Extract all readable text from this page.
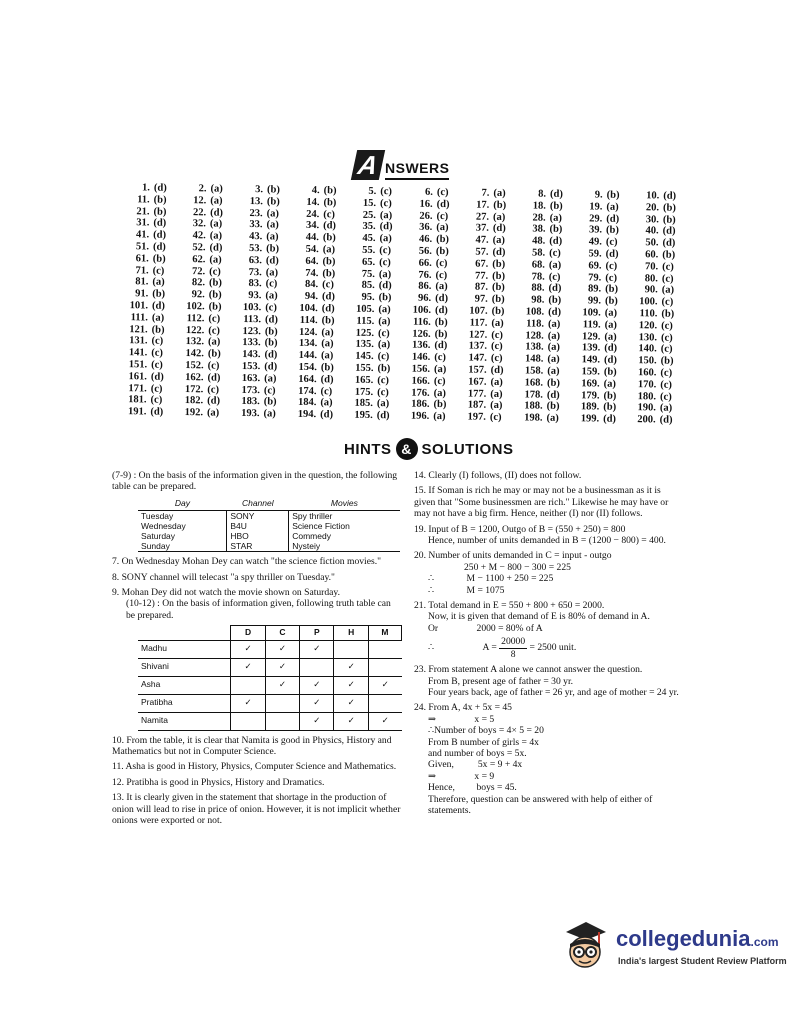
A NSWERS
1. (d)	2. (a)	3. (b)	4. (b)	5. (c)	6. (c)	7. (a)	8. (d)	9. (b)	10. (d)
11. (b)	12. (a)	13. (b)	14. (b)	15. (c)	16. (d)	17. (b)	18. (b)	19. (a)	20. (b)
21. (b)	22. (d)	23. (a)	24. (c)	25. (a)	26. (c)	27. (a)	28. (a)	29. (d)	30. (b)
31. (d)	32. (a)	33. (a)	34. (d)	35. (d)	36. (a)	37. (d)	38. (b)	39. (b)	40. (d)
41. (d)	42. (a)	43. (a)	44. (b)	45. (a)	46. (b)	47. (a)	48. (d)	49. (c)	50. (d)
51. (d)	52. (d)	53. (b)	54. (a)	55. (c)	56. (b)	57. (d)	58. (c)	59. (d)	60. (b)
61. (b)	62. (a)	63. (d)	64. (b)	65. (c)	66. (c)	67. (b)	68. (a)	69. (c)	70. (c)
71. (c)	72. (c)	73. (a)	74. (b)	75. (a)	76. (c)	77. (b)	78. (c)	79. (c)	80. (c)
81. (a)	82. (b)	83. (c)	84. (c)	85. (d)	86. (a)	87. (b)	88. (d)	89. (b)	90. (a)
91. (b)	92. (b)	93. (a)	94. (d)	95. (b)	96. (d)	97. (b)	98. (b)	99. (b)	100. (c)
101. (d)	102. (b)	103. (c)	104. (d)	105. (a)	106. (d)	107. (b)	108. (d)	109. (a)	110. (b)
111. (a)	112. (c)	113. (d)	114. (b)	115. (a)	116. (b)	117. (a)	118. (a)	119. (a)	120. (c)
121. (b)	122. (c)	123. (b)	124. (a)	125. (c)	126. (b)	127. (c)	128. (a)	129. (a)	130. (c)
131. (c)	132. (a)	133. (b)	134. (a)	135. (a)	136. (d)	137. (c)	138. (a)	139. (d)	140. (c)
141. (c)	142. (b)	143. (d)	144. (a)	145. (c)	146. (c)	147. (c)	148. (a)	149. (d)	150. (b)
151. (c)	152. (c)	153. (d)	154. (b)	155. (b)	156. (a)	157. (d)	158. (a)	159. (b)	160. (c)
161. (d)	162. (d)	163. (a)	164. (d)	165. (c)	166. (c)	167. (a)	168. (b)	169. (a)	170. (c)
171. (c)	172. (c)	173. (c)	174. (c)	175. (c)	176. (a)	177. (a)	178. (d)	179. (b)	180. (c)
181. (c)	182. (d)	183. (b)	184. (a)	185. (a)	186. (b)	187. (a)	188. (b)	189. (b)	190. (a)
191. (d)	192. (a)	193. (a)	194. (d)	195. (d)	196. (a)	197. (c)	198. (a)	199. (d)	200. (d)
HINTS & SOLUTIONS
(7-9) : On the basis of the information given in the question, the following table can be prepared.
Day	Channel	Movies
Tuesday	SONY	Spy thriller
Wednesday	B4U	Science Fiction
Saturday	HBO	Commedy
Sunday	STAR	Nysteiy
7. On Wednesday Mohan Dey can watch "the science fiction movies."
8. SONY channel will telecast "a spy thriller on Tuesday."
9. Mohan Dey did not watch the movie shown on Saturday.
(10-12) : On the basis of information given, following truth table can be prepared.
	D	C	P	H	M
Madhu	✓	✓	✓		
Shivani	✓	✓		✓	
Asha		✓	✓	✓	✓
Pratibha	✓		✓	✓	
Namita			✓	✓	✓
10. From the table, it is clear that Namita is good in Physics, History and Mathematics but not in Computer Science.
11. Asha is good in History, Physics, Computer Science and Mathematics.
12. Pratibha is good in Physics, History and Dramatics.
13. It is clearly given in the statement that shortage in the production of onion will lead to rise in price of onion. However, it is not implicit whether onions were exported or not.
14. Clearly (I) follows, (II) does not follow.
15. If Soman is rich he may or may not be a businessman as it is given that "Some businessmen are rich." Likewise he may have or may not have a big firm. Hence, neither (I) nor (II) follows.
19. Input of B = 1200, Outgo of B = (550 + 250) = 800
Hence, number of units demanded in B = (1200 − 800) = 400.
20. Number of units demanded in C = input - outgo
250 + M − 800 − 300 = 225
∴	M − 1100 + 250 = 225
∴	M = 1075
21. Total demand in E = 550 + 800 + 650 = 2000.
Now, it is given that demand of E is 80% of demand in A.
Or	2000 = 80% of A
∴	$A = \frac{20000}{8} = 2500$ unit.
23. From statement A alone we cannot answer the question.
From B, present age of father = 30 yr.
Four years back, age of father = 26 yr, and age of mother = 24 yr.
24. From A, 4x + 5x = 45
⇒                x = 5
∴Number of boys = 4× 5 = 20
From B number of girls = 4x
and number of boys = 5x.
Given,          5x = 9 + 4x
⇒                x = 9
Hence,         boys = 45.
Therefore, question can be answered with help of either of statements.
collegedunia.com
India's largest Student Review Platform
